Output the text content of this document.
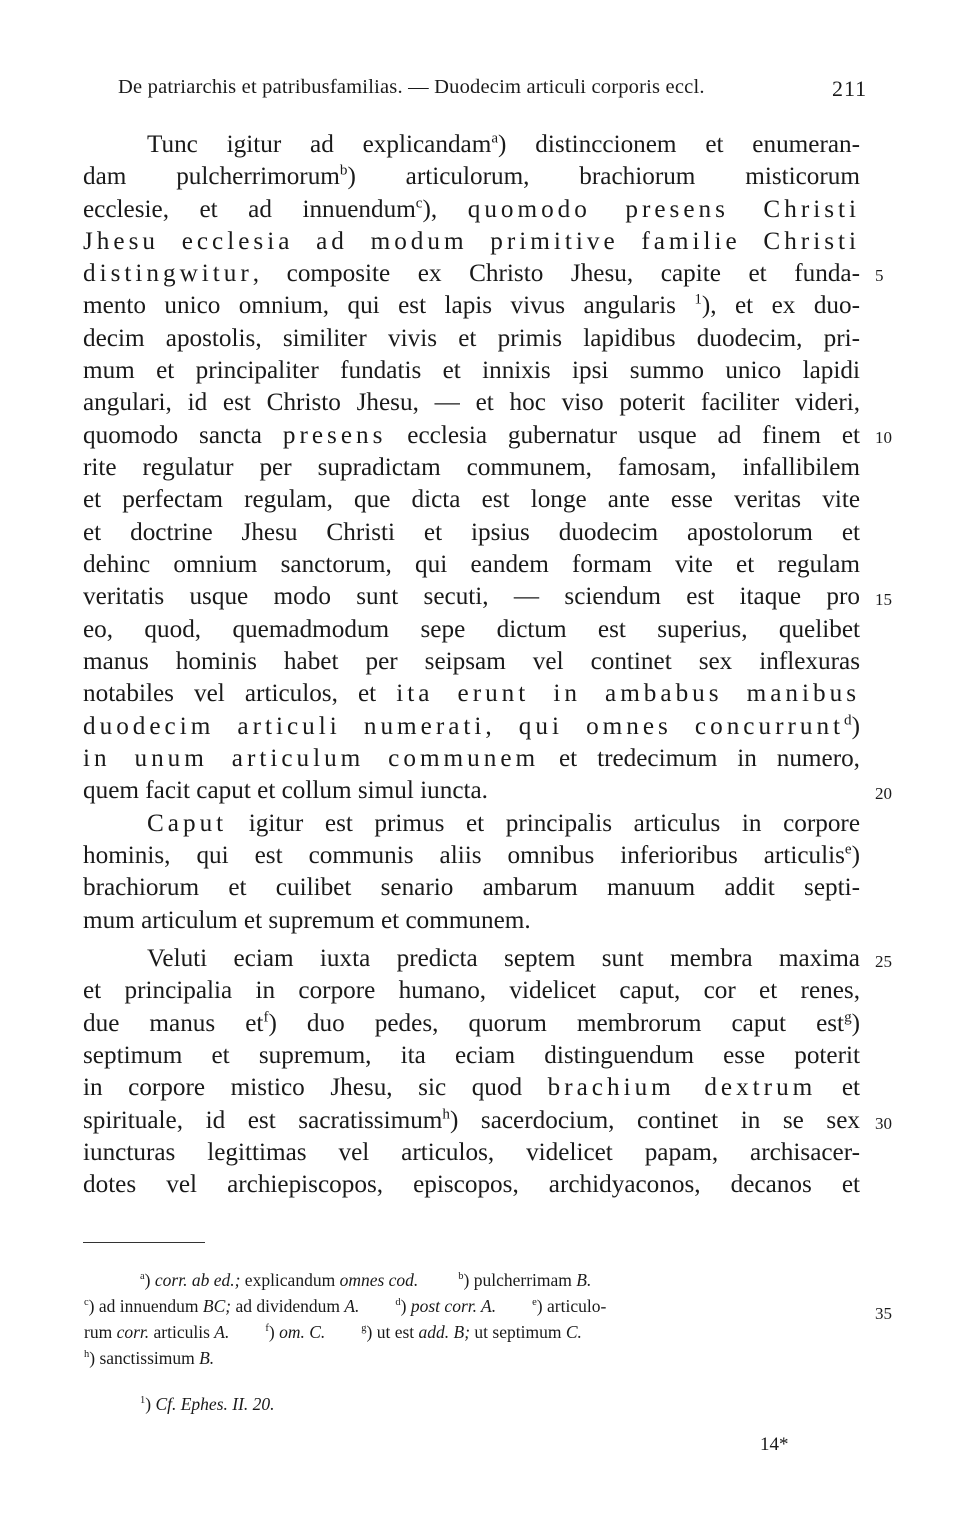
De patriarchis et patribusfamilias. — Duodecim articuli corporis eccl.	211
Tunc igitur ad explicandam$^a$) distinccionem et enumeran-
dam pulcherrimorum$^b$) articulorum, brachiorum misticorum
ecclesie, et ad innuendum$^c$), quomodo presens Christi
Jhesu ecclesia ad modum primitive familie Christi
distingwitur, composite ex Christo Jhesu, capite et funda-
mento unico omnium, qui est lapis vivus angularis $^1$), et ex duo-
decim apostolis, similiter vivis et primis lapidibus duodecim, pri-
mum et principaliter fundatis et innixis ipsi summo unico lapidi
angulari, id est Christo Jhesu, — et hoc viso poterit faciliter videri,
quomodo sancta presens ecclesia gubernatur usque ad finem et
rite regulatur per supradictam communem, famosam, infallibilem
et perfectam regulam, que dicta est longe ante esse veritas vite
et doctrine Jhesu Christi et ipsius duodecim apostolorum et
dehinc omnium sanctorum, qui eandem formam vite et regulam
veritatis usque modo sunt secuti, — sciendum est itaque pro
eo, quod, quemadmodum sepe dictum est superius, quelibet
manus hominis habet per seipsam vel continet sex inflexuras
notabiles vel articulos, et ita erunt in ambabus manibus
duodecim articuli numerati, qui omnes concurrunt$^d$)
in unum articulum communem et tredecimum in numero,
quem facit caput et collum simul iuncta.
Caput igitur est primus et principalis articulus in corpore
hominis, qui est communis aliis omnibus inferioribus articulis$^e$)
brachiorum et cuilibet senario ambarum manuum addit septi-
mum articulum et supremum et communem.
Veluti eciam iuxta predicta septem sunt membra maxima
et principalia in corpore humano, videlicet caput, cor et renes,
due manus $et^f$) duo pedes, quorum membrorum caput est$^g$)
septimum et supremum, ita eciam distinguendum esse poterit
in corpore mistico Jhesu, sic quod brachium dextrum et
spirituale, id est sacratissimum$^h$) sacerdocium, continet in se sex
iuncturas legittimas vel articulos, videlicet papam, archisacer-
dotes vel archiepiscopos, episcopos, archidyaconos, decanos et
5
10
15
20
25
30
35
$^a$) corr. ab ed.; explicandum omnes cod.	$^b$) pulcherrimam B.
$^c$) ad innuendum BC; ad dividendum A.	$^d$) post corr. A.	$^e$) articulo-
rum corr. articulis A.	$^f$) om. C.	$^g$) ut est add. B; ut septimum C.
$^h$) sanctissimum B.
$^1$) Cf. Ephes. II. 20.
14*
